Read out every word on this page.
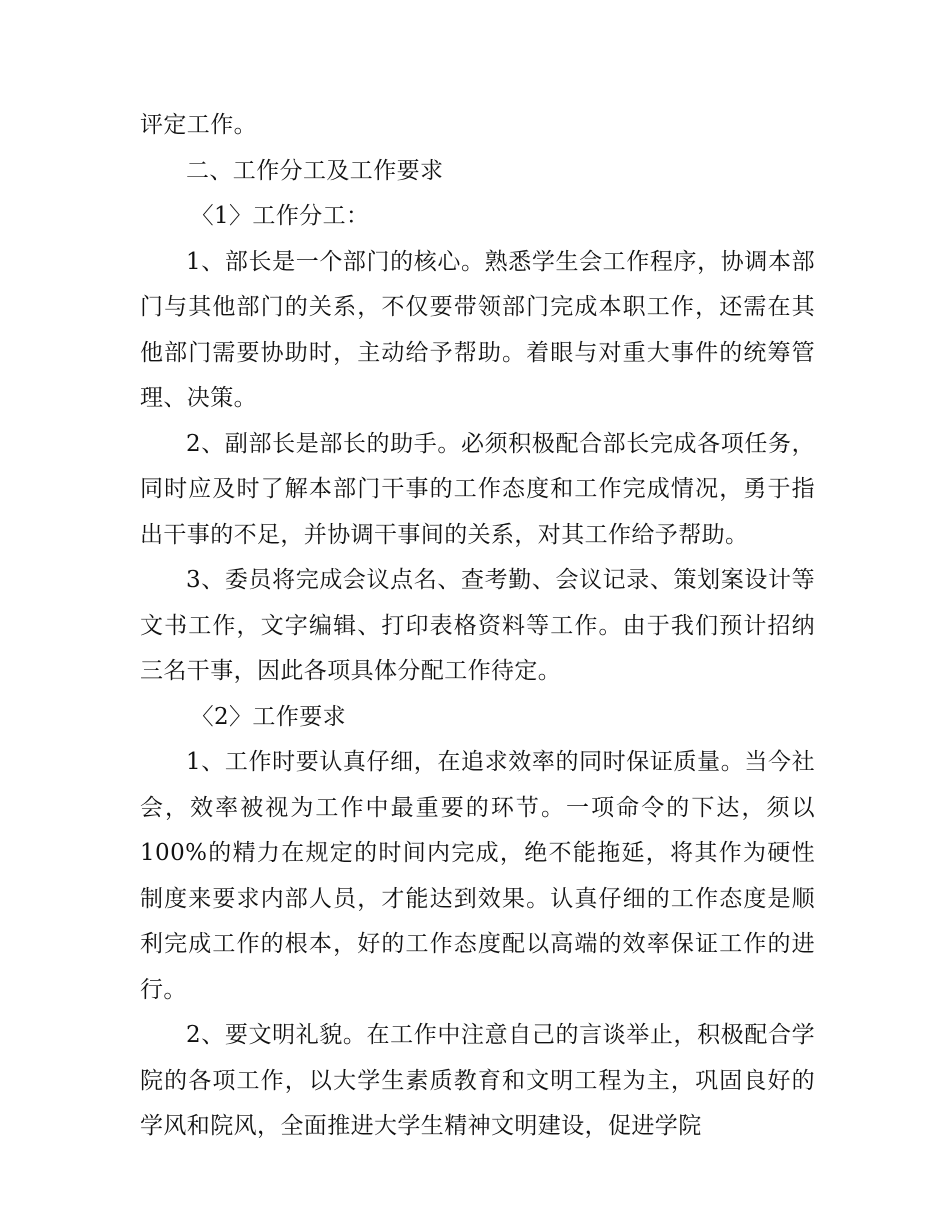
评定工作。

二、工作分工及工作要求

〈1〉工作分工：

1、部长是一个部门的核心。熟悉学生会工作程序，协调本部门与其他部门的关系，不仅要带领部门完成本职工作，还需在其他部门需要协助时，主动给予帮助。着眼与对重大事件的统筹管理、决策。

2、副部长是部长的助手。必须积极配合部长完成各项任务，同时应及时了解本部门干事的工作态度和工作完成情况，勇于指出干事的不足，并协调干事间的关系，对其工作给予帮助。

3、委员将完成会议点名、查考勤、会议记录、策划案设计等文书工作，文字编辑、打印表格资料等工作。由于我们预计招纳三名干事，因此各项具体分配工作待定。

〈2〉工作要求

1、工作时要认真仔细，在追求效率的同时保证质量。当今社会，效率被视为工作中最重要的环节。一项命令的下达，须以100%的精力在规定的时间内完成，绝不能拖延，将其作为硬性制度来要求内部人员，才能达到效果。认真仔细的工作态度是顺利完成工作的根本，好的工作态度配以高端的效率保证工作的进行。

2、要文明礼貌。在工作中注意自己的言谈举止，积极配合学院的各项工作，以大学生素质教育和文明工程为主，巩固良好的学风和院风，全面推进大学生精神文明建设，促进学院
